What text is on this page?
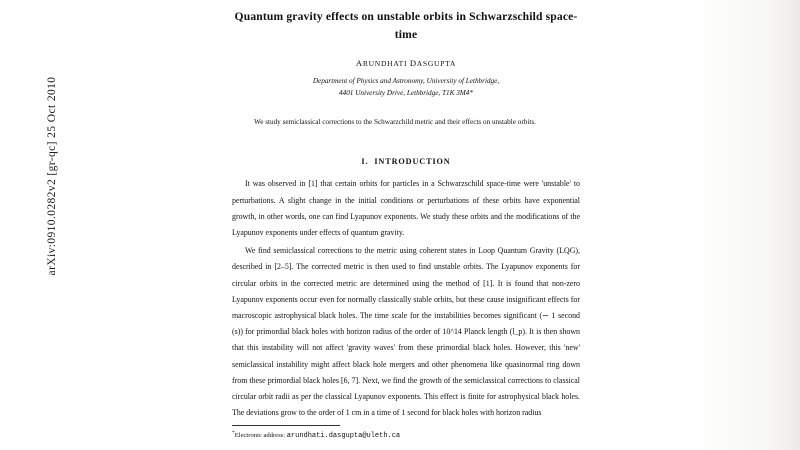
arXiv:0910.0282v2 [gr-qc] 25 Oct 2010
Quantum gravity effects on unstable orbits in Schwarzschild space-time
ARUNDHATI DASGUPTA
Department of Physics and Astronomy, University of Lethbridge,
4401 University Drive, Lethbridge, T1K 3M4*
We study semiclassical corrections to the Schwarzchild metric and their effects on unstable orbits.
I. INTRODUCTION

It was observed in [1] that certain orbits for particles in a Schwarzschild space-time were 'unstable' to perturbations. A slight change in the initial conditions or perturbations of these orbits have exponential growth, in other words, one can find Lyapunov exponents. We study these orbits and the modifications of the Lyapunov exponents under effects of quantum gravity.

We find semiclassical corrections to the metric using coherent states in Loop Quantum Gravity (LQG), described in [2–5]. The corrected metric is then used to find unstable orbits. The Lyapunov exponents for circular orbits in the corrected metric are determined using the method of [1]. It is found that non-zero Lyapunov exponents occur even for normally classically stable orbits, but these cause insignificant effects for macroscopic astrophysical black holes. The time scale for the instabilities becomes significant (∼ 1 second (s)) for primordial black holes with horizon radius of the order of 10^14 Planck length (l_p). It is then shown that this instability will not affect 'gravity waves' from these primordial black holes. However, this 'new' semiclassical instability might affect black hole mergers and other phenomena like quasinormal ring down from these primordial black holes [6, 7]. Next, we find the growth of the semiclassical corrections to classical circular orbit radii as per the classical Lyapunov exponents. This effect is finite for astrophysical black holes. The deviations grow to the order of 1 cm in a time of 1 second for black holes with horizon radius

*Electronic address: arundhati.dasgupta@uleth.ca
